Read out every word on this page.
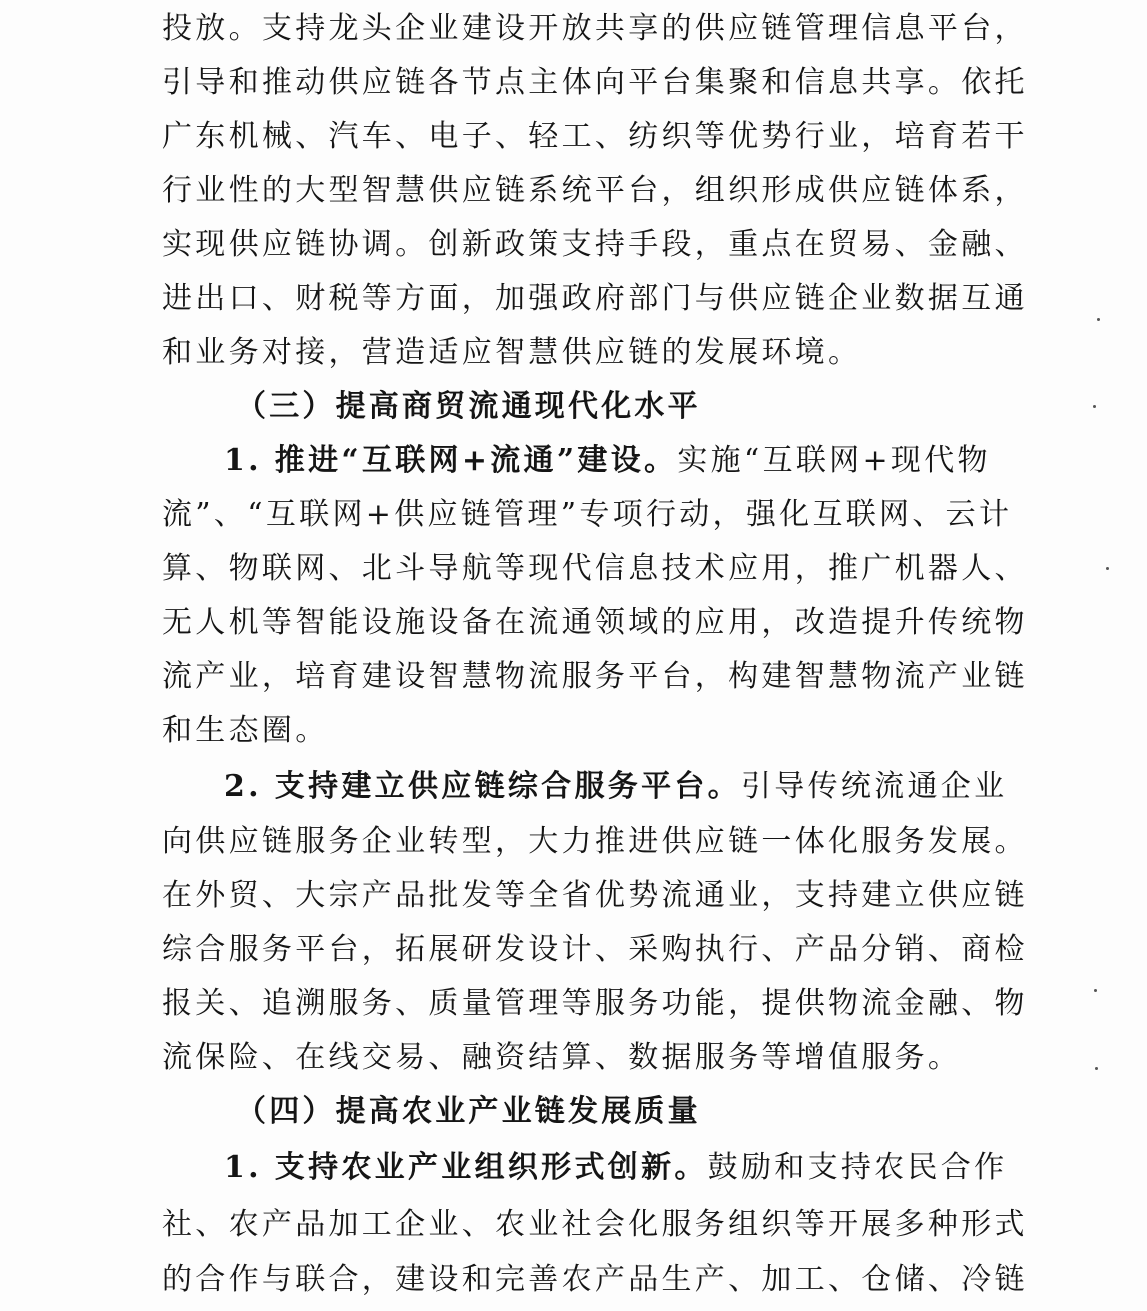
投放。支持龙头企业建设开放共享的供应链管理信息平台，
引导和推动供应链各节点主体向平台集聚和信息共享。依托
广东机械、汽车、电子、轻工、纺织等优势行业，培育若干
行业性的大型智慧供应链系统平台，组织形成供应链体系，
实现供应链协调。创新政策支持手段，重点在贸易、金融、
进出口、财税等方面，加强政府部门与供应链企业数据互通
和业务对接，营造适应智慧供应链的发展环境。
（三）提高商贸流通现代化水平
1. 推进“互联网+流通”建设。实施“互联网+现代物
流”、“互联网+供应链管理”专项行动，强化互联网、云计
算、物联网、北斗导航等现代信息技术应用，推广机器人、
无人机等智能设施设备在流通领域的应用，改造提升传统物
流产业，培育建设智慧物流服务平台，构建智慧物流产业链
和生态圈。
2. 支持建立供应链综合服务平台。引导传统流通企业
向供应链服务企业转型，大力推进供应链一体化服务发展。
在外贸、大宗产品批发等全省优势流通业，支持建立供应链
综合服务平台，拓展研发设计、采购执行、产品分销、商检
报关、追溯服务、质量管理等服务功能，提供物流金融、物
流保险、在线交易、融资结算、数据服务等增值服务。
（四）提高农业产业链发展质量
1. 支持农业产业组织形式创新。鼓励和支持农民合作
社、农产品加工企业、农业社会化服务组织等开展多种形式
的合作与联合，建设和完善农产品生产、加工、仓储、冷链
